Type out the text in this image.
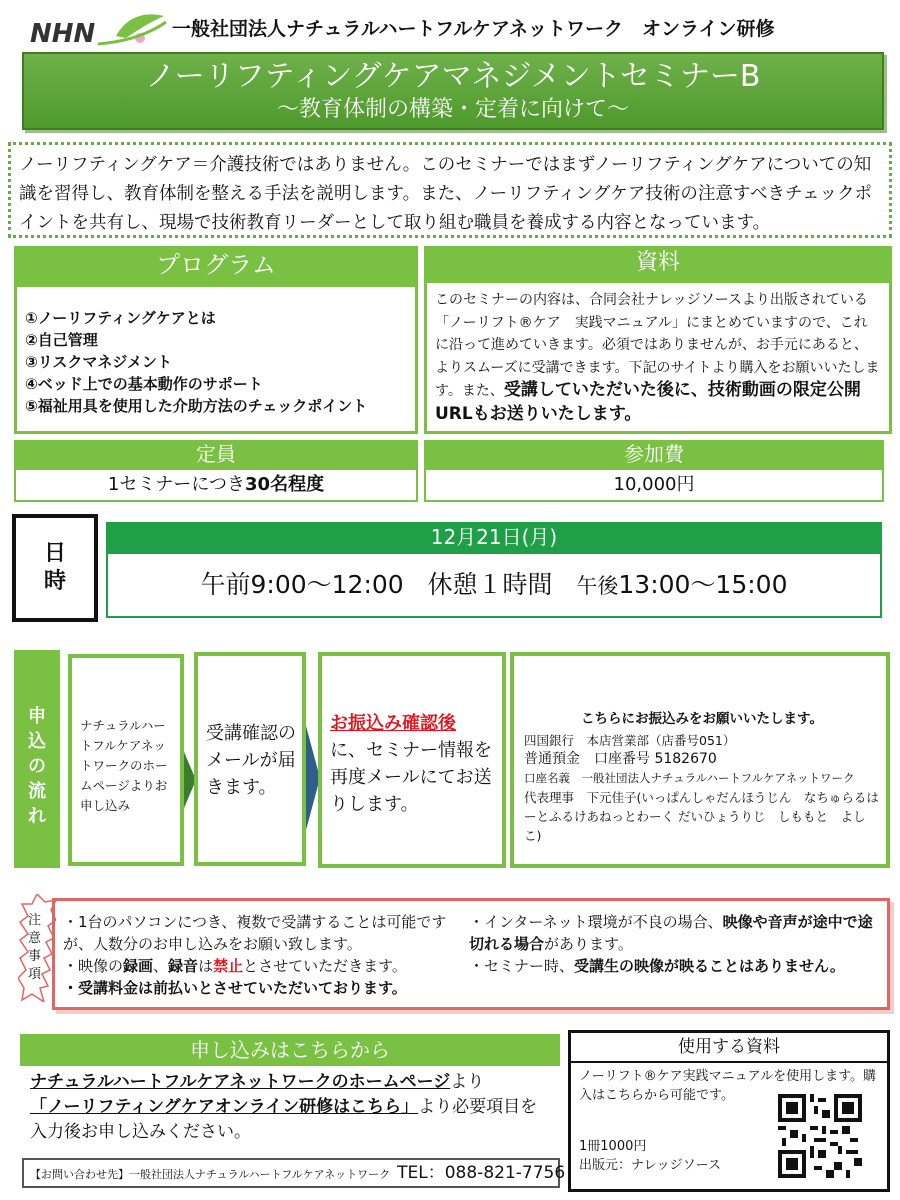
NHN	一般社団法人ナチュラルハートフルケアネットワーク　オンライン研修
ノーリフティングケアマネジメントセミナーB
～教育体制の構築・定着に向けて～
ノーリフティングケア＝介護技術ではありません。このセミナーではまずノーリフティングケアについての知識を習得し、教育体制を整える手法を説明します。また、ノーリフティングケア技術の注意すべきチェックポイントを共有し、現場で技術教育リーダーとして取り組む職員を養成する内容となっています。
プログラム
①ノーリフティングケアとは
②自己管理
③リスクマネジメント
④ベッド上での基本動作のサポート
⑤福祉用具を使用した介助方法のチェックポイント
資料
このセミナーの内容は、合同会社ナレッジソースより出版されている「ノーリフト®ケア　実践マニュアル」にまとめていますので、これに沿って進めていきます。必須ではありませんが、お手元にあると、よりスムーズに受講できます。下記のサイトより購入をお願いいたします。また、受講していただいた後に、技術動画の限定公開URLもお送りいたします。
定員
1セミナーにつき30名程度
参加費
10,000円
日時
12月21日(月)
午前9:00～12:00 休憩１時間 午後13:00～15:00
申込の流れ
ナチュラルハートフルケアネットワークのホームページよりお申し込み
受講確認のメールが届きます。
お振込み確認後
に、セミナー情報を再度メールにてお送りします。
こちらにお振込みをお願いいたします。
四国銀行　本店営業部（店番号051）
普通預金　口座番号 5182670
口座名義　一般社団法人ナチュラルハートフルケアネットワーク
代表理事　下元佳子(いっぱんしゃだんほうじん　なちゅらるはーとふるけあねっとわーく だいひょうりじ　しももと　よしこ)
注意事項
・1台のパソコンにつき、複数で受講することは可能ですが、人数分のお申し込みをお願い致します。
・映像の録画、録音は禁止とさせていただきます。
・受講料金は前払いとさせていただいております。
・インターネット環境が不良の場合、映像や音声が途中で途切れる場合があります。
・セミナー時、受講生の映像が映ることはありません。
申し込みはこちらから
ナチュラルハートフルケアネットワークのホームページより
「ノーリフティングケアオンライン研修はこちら」より必要項目を入力後お申し込みください。
【お問い合わせ先】一般社団法人ナチュラルハートフルケアネットワーク TEL：088-821-7756
使用する資料
ノーリフト®ケア実践マニュアルを使用します。購入はこちらから可能です。
1冊1000円
出版元：ナレッジソース
